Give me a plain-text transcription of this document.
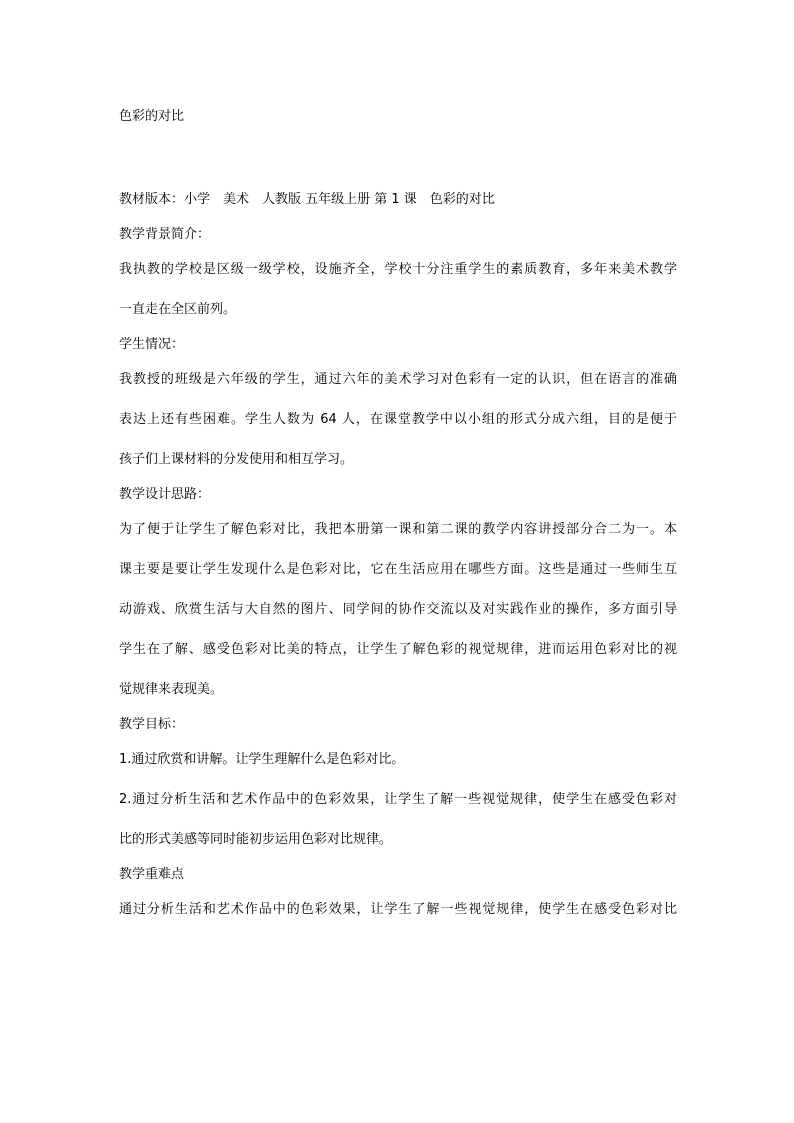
色彩的对比
教材版本：小学　美术　人教版 五年级上册 第 1 课　色彩的对比
教学背景简介：
我执教的学校是区级一级学校，设施齐全，学校十分注重学生的素质教育，多年来美术教学
一直走在全区前列。
学生情况：
我教授的班级是六年级的学生，通过六年的美术学习对色彩有一定的认识，但在语言的准确
表达上还有些困难。学生人数为 64 人，在课堂教学中以小组的形式分成六组，目的是便于
孩子们上课材料的分发使用和相互学习。
教学设计思路：
为了便于让学生了解色彩对比，我把本册第一课和第二课的教学内容讲授部分合二为一。本
课主要是要让学生发现什么是色彩对比，它在生活应用在哪些方面。这些是通过一些师生互
动游戏、欣赏生活与大自然的图片、同学间的协作交流以及对实践作业的操作，多方面引导
学生在了解、感受色彩对比美的特点，让学生了解色彩的视觉规律，进而运用色彩对比的视
觉规律来表现美。
教学目标：
1.通过欣赏和讲解。让学生理解什么是色彩对比。
2.通过分析生活和艺术作品中的色彩效果，让学生了解一些视觉规律，使学生在感受色彩对
比的形式美感等同时能初步运用色彩对比规律。
教学重难点
通过分析生活和艺术作品中的色彩效果，让学生了解一些视觉规律，使学生在感受色彩对比
